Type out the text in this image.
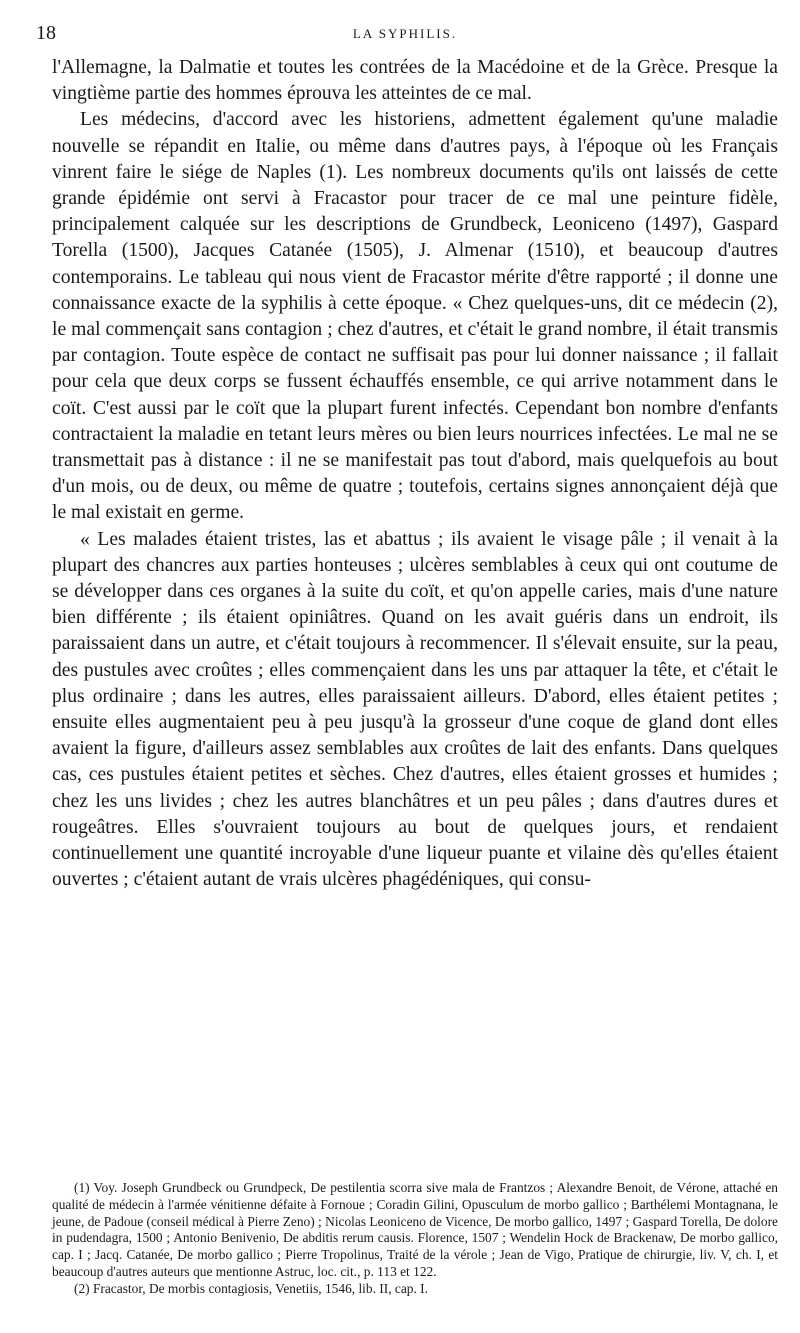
18	LA SYPHILIS.

l'Allemagne, la Dalmatie et toutes les contrées de la Macédoine et de la Grèce. Presque la vingtième partie des hommes éprouva les atteintes de ce mal.

Les médecins, d'accord avec les historiens, admettent également qu'une maladie nouvelle se répandit en Italie, ou même dans d'autres pays, à l'époque où les Français vinrent faire le siége de Naples (1). Les nombreux documents qu'ils ont laissés de cette grande épidémie ont servi à Fracastor pour tracer de ce mal une peinture fidèle, principalement calquée sur les descriptions de Grundbeck, Leoniceno (1497), Gaspard Torella (1500), Jacques Catanée (1505), J. Almenar (1510), et beaucoup d'autres contemporains. Le tableau qui nous vient de Fracastor mérite d'être rapporté ; il donne une connaissance exacte de la syphilis à cette époque. « Chez quelques-uns, dit ce médecin (2), le mal commençait sans contagion ; chez d'autres, et c'était le grand nombre, il était transmis par contagion. Toute espèce de contact ne suffisait pas pour lui donner naissance ; il fallait pour cela que deux corps se fussent échauffés ensemble, ce qui arrive notamment dans le coït. C'est aussi par le coït que la plupart furent infectés. Cependant bon nombre d'enfants contractaient la maladie en tetant leurs mères ou bien leurs nourrices infectées. Le mal ne se transmettait pas à distance : il ne se manifestait pas tout d'abord, mais quelquefois au bout d'un mois, ou de deux, ou même de quatre ; toutefois, certains signes annonçaient déjà que le mal existait en germe.

« Les malades étaient tristes, las et abattus ; ils avaient le visage pâle ; il venait à la plupart des chancres aux parties honteuses ; ulcères semblables à ceux qui ont coutume de se développer dans ces organes à la suite du coït, et qu'on appelle caries, mais d'une nature bien différente ; ils étaient opiniâtres. Quand on les avait guéris dans un endroit, ils paraissaient dans un autre, et c'était toujours à recommencer. Il s'élevait ensuite, sur la peau, des pustules avec croûtes ; elles commençaient dans les uns par attaquer la tête, et c'était le plus ordinaire ; dans les autres, elles paraissaient ailleurs. D'abord, elles étaient petites ; ensuite elles augmentaient peu à peu jusqu'à la grosseur d'une coque de gland dont elles avaient la figure, d'ailleurs assez semblables aux croûtes de lait des enfants. Dans quelques cas, ces pustules étaient petites et sèches. Chez d'autres, elles étaient grosses et humides ; chez les uns livides ; chez les autres blanchâtres et un peu pâles ; dans d'autres dures et rougeâtres. Elles s'ouvraient toujours au bout de quelques jours, et rendaient continuellement une quantité incroyable d'une liqueur puante et vilaine dès qu'elles étaient ouvertes ; c'étaient autant de vrais ulcères phagédéniques, qui consu-

(1) Voy. Joseph Grundbeck ou Grundpeck, De pestilentia scorra sive mala de Frantzos ; Alexandre Benoit, de Vérone, attaché en qualité de médecin à l'armée vénitienne défaite à Fornoue ; Coradin Gilini, Opusculum de morbo gallico ; Barthélemi Montagnana, le jeune, de Padoue (conseil médical à Pierre Zeno) ; Nicolas Leoniceno de Vicence, De morbo gallico, 1497 ; Gaspard Torella, De dolore in pudendagra, 1500 ; Antonio Benivenio, De abditis rerum causis. Florence, 1507 ; Wendelin Hock de Brackenaw, De morbo gallico, cap. I ; Jacq. Catanée, De morbo gallico ; Pierre Tropolinus, Traité de la vérole ; Jean de Vigo, Pratique de chirurgie, liv. V, ch. I, et beaucoup d'autres auteurs que mentionne Astruc, loc. cit., p. 113 et 122.

(2) Fracastor, De morbis contagiosis, Venetiis, 1546, lib. II, cap. I.
